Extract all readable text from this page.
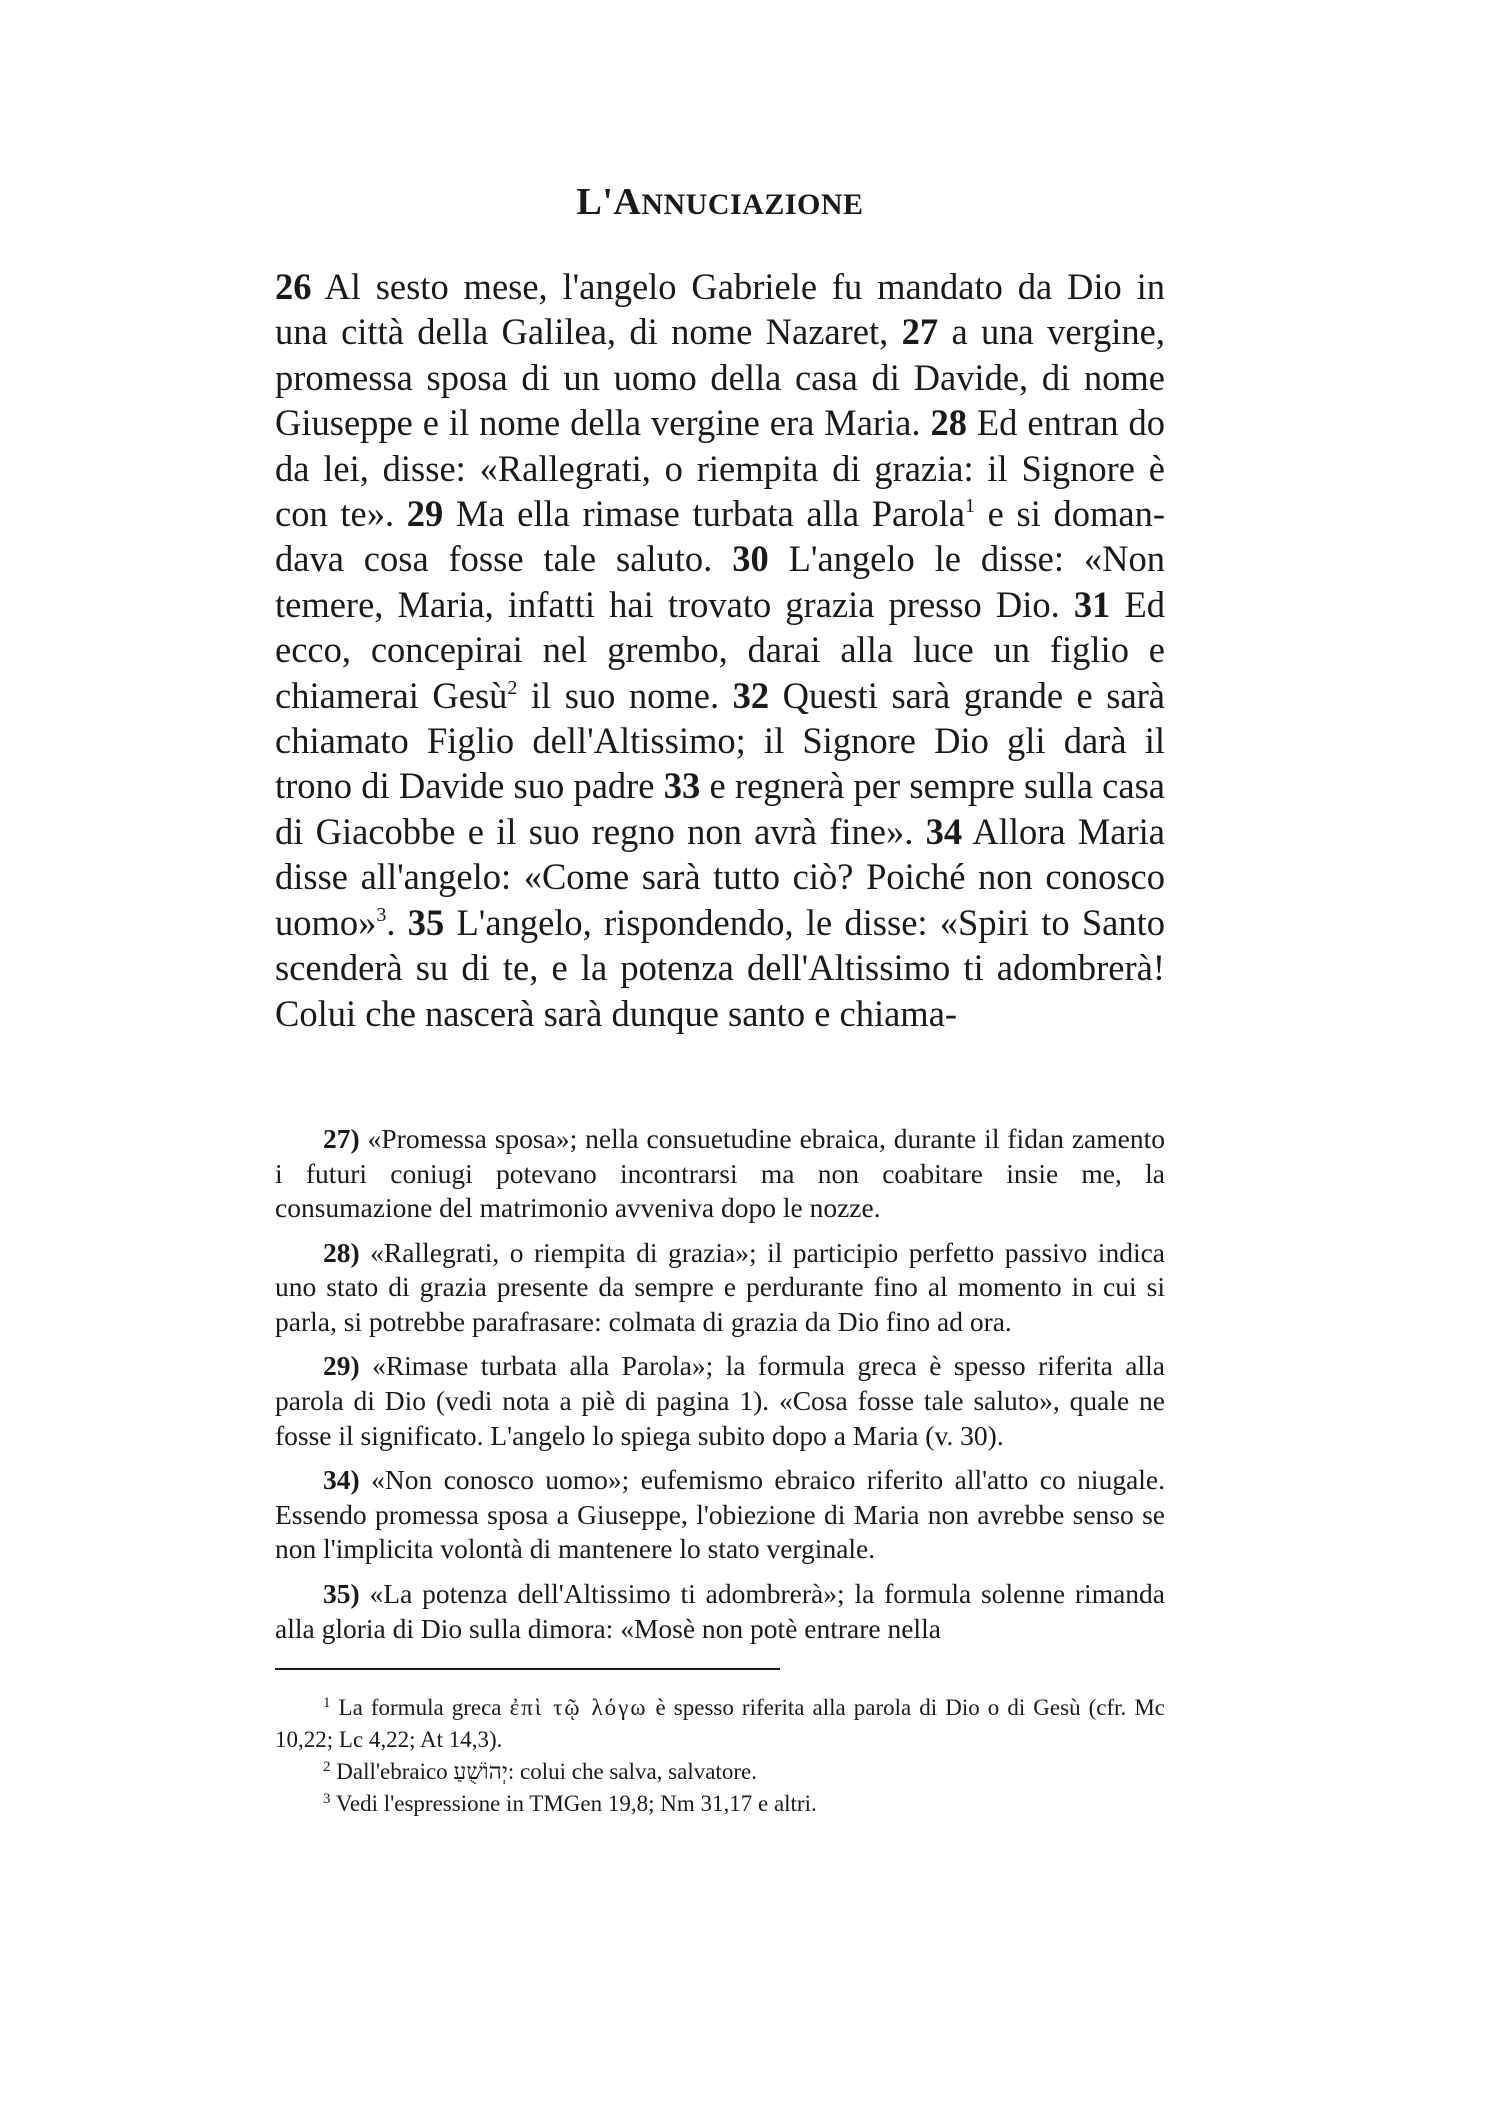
L'ANNUCIAZIONE

26 Al sesto mese, l'angelo Gabriele fu mandato da Dio in una città della Galilea, di nome Nazaret, 27 a una vergine, promessa sposa di un uomo della casa di Davide, di nome Giuseppe e il nome della vergine era Maria. 28 Ed entran do da lei, disse: «Rallegrati, o riempita di grazia: il Signore è con te». 29 Ma ella rimase turbata alla Parola$^1$ e si doman dava cosa fosse tale saluto. 30 L'angelo le disse: «Non temere, Maria, infatti hai trovato grazia presso Dio. 31 Ed ecco, concepirai nel grembo, darai alla luce un figlio e chiamerai Gesù$^2$ il suo nome. 32 Questi sarà grande e sarà chiamato Figlio dell'Altissimo; il Signore Dio gli darà il trono di Davide suo padre 33 e regnerà per sempre sulla casa di Giacobbe e il suo regno non avrà fine». 34 Allora Maria disse all'angelo: «Come sarà tutto ciò? Poiché non conosco uomo»$^3$. 35 L'angelo, rispondendo, le disse: «Spiri to Santo scenderà su di te, e la potenza dell'Altissimo ti adombrerà! Colui che nascerà sarà dunque santo e chiama-

27) «Promessa sposa»; nella consuetudine ebraica, durante il fidan zamento i futuri coniugi potevano incontrarsi ma non coabitare insie me, la consumazione del matrimonio avveniva dopo le nozze.

28) «Rallegrati, o riempita di grazia»; il participio perfetto passivo indica uno stato di grazia presente da sempre e perdurante fino al momento in cui si parla, si potrebbe parafrasare: colmata di grazia da Dio fino ad ora.

29) «Rimase turbata alla Parola»; la formula greca è spesso riferita alla parola di Dio (vedi nota a piè di pagina 1). «Cosa fosse tale saluto», quale ne fosse il significato. L'angelo lo spiega subito dopo a Maria (v. 30).

34) «Non conosco uomo»; eufemismo ebraico riferito all'atto co niugale. Essendo promessa sposa a Giuseppe, l'obiezione di Maria non avrebbe senso se non l'implicita volontà di mantenere lo stato verginale.

35) «La potenza dell'Altissimo ti adombrerà»; la formula solenne rimanda alla gloria di Dio sulla dimora: «Mosè non potè entrare nella

$^1$ La formula greca ἐπὶ τῷ λόγω è spesso riferita alla parola di Dio o di Gesù (cfr. Mc 10,22; Lc 4,22; At 14,3).

$^2$ Dall'ebraico יְהוֹשֻׁעַ: colui che salva, salvatore.

$^3$ Vedi l'espressione in TMGen 19,8; Nm 31,17 e altri.
